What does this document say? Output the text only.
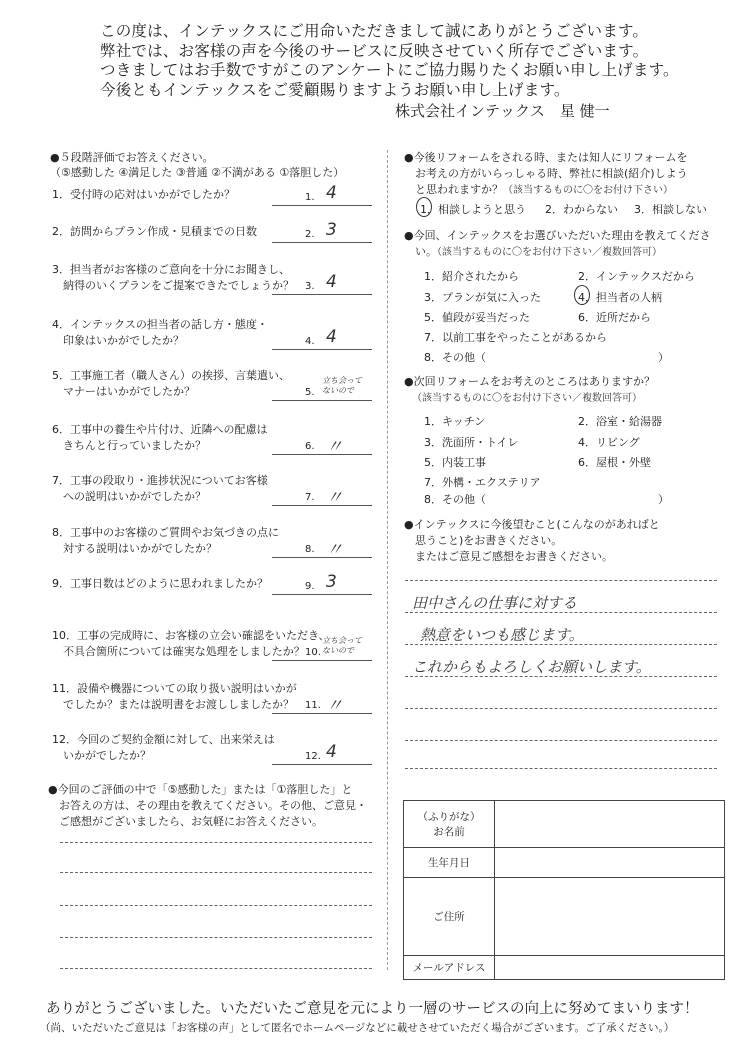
この度は、インテックスにご用命いただきまして誠にありがとうございます。
弊社では、お客様の声を今後のサービスに反映させていく所存でございます。
つきましてはお手数ですがこのアンケートにご協力賜りたくお願い申し上げます。
今後ともインテックスをご愛顧賜りますようお願い申し上げます。
株式会社インテックス　星 健一
●５段階評価でお答えください。
（⑤感動した ④満足した ③普通 ②不満がある ①落胆した）
1．受付時の応対はいかがでしたか？	1. 4
2．訪問からプラン作成・見積までの日数	2. 3
3．担当者がお客様のご意向を十分にお聞きし、
　納得のいくプランをご提案できたでしょうか？ 3. 4
4．インテックスの担当者の話し方・態度・
　印象はいかがでしたか？	4. 4
5．工事施工者（職人さん）の挨拶、言葉遣い、
　マナーはいかがでしたか？	5.
立ち会って ないので
6．工事中の養生や片付け、近隣への配慮は
　きちんと行っていましたか？	6. 〃
7．工事の段取り・進捗状況についてお客様
　への説明はいかがでしたか？	7. 〃
8．工事中のお客様のご質問やお気づきの点に
　対する説明はいかがでしたか？	8. 〃
9．工事日数はどのように思われましたか？	9. 3
10．工事の完成時に、お客様の立会い確認をいただき、
　不具合箇所については確実な処理をしましたか？ 10.
立ち会って ないので
11．設備や機器についての取り扱い説明はいかが
　でしたか？または説明書をお渡ししましたか？ 11. 〃
12．今回のご契約金額に対して、出来栄えは
　いかがでしたか？	12. 4
●今回のご評価の中で「⑤感動した」または「①落胆した」と
　お答えの方は、その理由を教えてください。その他、ご意見・
　ご感想がございましたら、お気軽にお答えください。
●今後リフォームをされる時、または知人にリフォームを
　お考えの方がいらっしゃる時、弊社に相談(紹介)しよう
　と思われますか？（該当するものに〇をお付け下さい）
1．相談しようと思う 2．わからない 3．相談しない
●今回、インテックスをお選びいただいた理由を教えてくださ
　い。（該当するものに〇をお付け下さい／複数回答可）
1．紹介されたから	2．インテックスだから
3．プランが気に入った	4．担当者の人柄
5．値段が妥当だった	6．近所だから
7．以前工事をやったことがあるから
8．その他（	）
●次回リフォームをお考えのところはありますか？
（該当するものに〇をお付け下さい／複数回答可）
1．キッチン	2．浴室・給湯器
3．洗面所・トイレ	4．リビング
5．内装工事	6．屋根・外壁
7．外構・エクステリア
8．その他（	）
●インテックスに今後望むこと(こんなのがあればと
　思うこと)をお書きください。
　またはご意見ご感想をお書きください。
田中さんの仕事に対する
熱意をいつも感じます。
これからもよろしくお願いします。
（ふりがな）
お名前
生年月日
ご住所
メールアドレス
ありがとうございました。いただいたご意見を元により一層のサービスの向上に努めてまいります！
（尚、いただいたご意見は「お客様の声」として匿名でホームページなどに載せさせていただく場合がございます。ご了承ください。）
